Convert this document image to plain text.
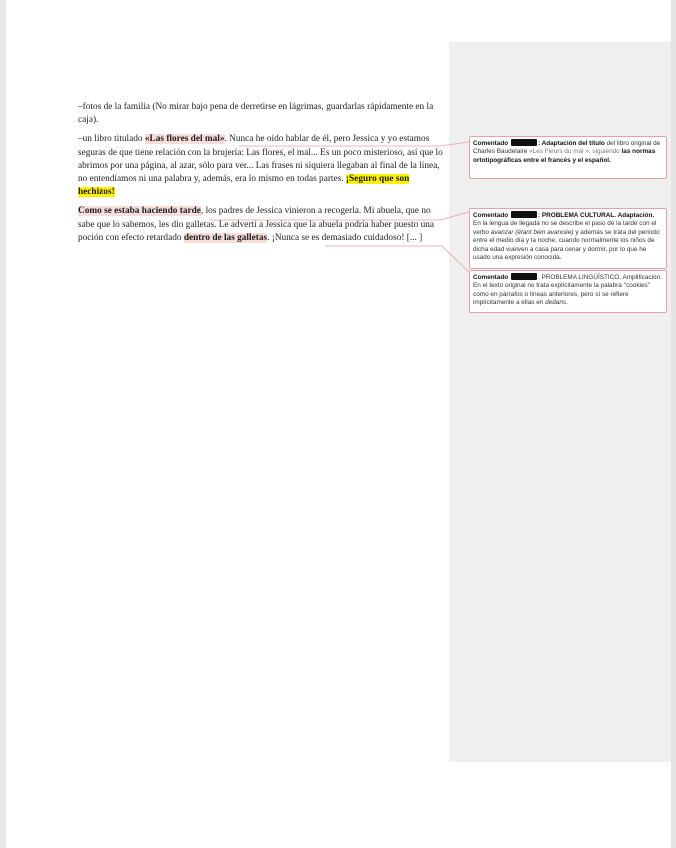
–fotos de la familia (No mirar bajo pena de derretirse en lágrimas, guardarlas rápidamente en la caja).

–un libro titulado «Las flores del mal». Nunca he oído hablar de él, pero Jessica y yo estamos seguras de que tiene relación con la brujería: Las flores, el mal... Es un poco misterioso, así que lo abrimos por una página, al azar, sólo para ver... Las frases ni siquiera llegaban al final de la línea, no entendíamos ni una palabra y, además, era lo mismo en todas partes. ¡Seguro que son hechizos!

Como se estaba haciendo tarde, los padres de Jessica vinieron a recogerla. Mi abuela, que no sabe que lo sabemos, les dio galletas. Le advertí a Jessica que la abuela podría haber puesto una poción con efecto retardado dentro de las galletas. ¡Nunca se es demasiado cuidadoso! [... ]

Comentado	: Adaptación del título del libro original de Charles Baudelaire «Les Fleurs du mal », siguiendo las normas ortotipográficas entre el francés y el español.
Comentado	: PROBLEMA CULTURAL. Adaptación. En la lengua de llegada no se describe el paso de la tarde con el verbo avanzar (étant bien avancée) y además se trata del periodo entre el medio día y la noche, cuando normalmente los niños de dicha edad vuelven a casa para cenar y dormir, por lo que he usado una expresión conocida.
Comentado	: PROBLEMA LINGÜÍSTICO. Amplificación. En el texto original no trata explícitamente la palabra ''cookies'' como en párrafos o líneas anteriores, pero sí se refiere implícitamente a ellas en dedans.
